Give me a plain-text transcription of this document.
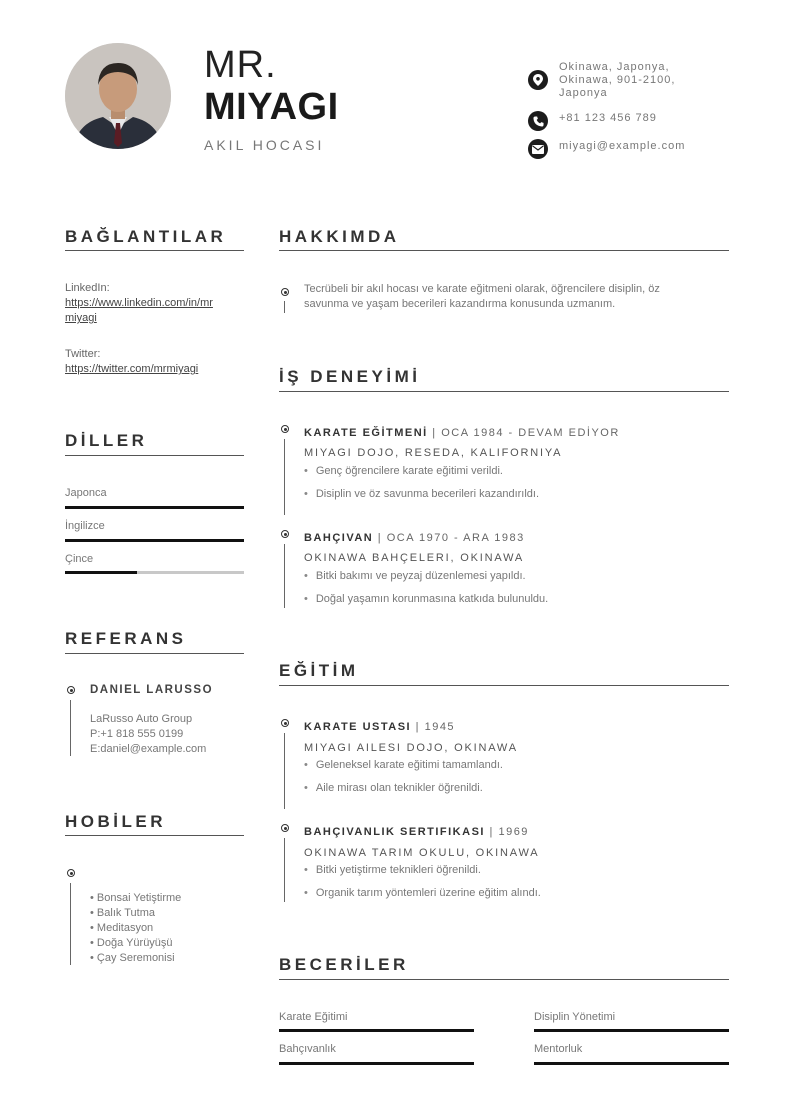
MR.
MIYAGI
AKIL HOCASI
Okinawa, Japonya,
Okinawa, 901-2100,
Japonya
+81 123 456 789
miyagi@example.com
BAĞLANTILAR
LinkedIn:
https://www.linkedin.com/in/mr
miyagi
Twitter:
https://twitter.com/mrmiyagi
DİLLER
Japonca
İngilizce
Çince
REFERANS
DANIEL LARUSSO
LaRusso Auto Group
P:+1 818 555 0199
E:daniel@example.com
HOBİLER
• Bonsai Yetiştirme
• Balık Tutma
• Meditasyon
• Doğa Yürüyüşü
• Çay Seremonisi
HAKKIMDA
Tecrübeli bir akıl hocası ve karate eğitmeni olarak, öğrencilere disiplin, öz
savunma ve yaşam becerileri kazandırma konusunda uzmanım.
İŞ DENEYİMİ
KARATE EĞİTMENİ | OCA 1984 - DEVAM EDİYOR
MIYAGI DOJO, RESEDA, KALIFORNIYA
• Genç öğrencilere karate eğitimi verildi.
• Disiplin ve öz savunma becerileri kazandırıldı.
BAHÇIVAN | OCA 1970 - ARA 1983
OKINAWA BAHÇELERI, OKINAWA
• Bitki bakımı ve peyzaj düzenlemesi yapıldı.
• Doğal yaşamın korunmasına katkıda bulunuldu.
EĞİTİM
KARATE USTASI | 1945
MIYAGI AILESI DOJO, OKINAWA
• Geleneksel karate eğitimi tamamlandı.
• Aile mirası olan teknikler öğrenildi.
BAHÇIVANLIK SERTIFIKASI | 1969
OKINAWA TARIM OKULU, OKINAWA
• Bitki yetiştirme teknikleri öğrenildi.
• Organik tarım yöntemleri üzerine eğitim alındı.
BECERİLER
Karate Eğitimi	Disiplin Yönetimi
Bahçıvanlık	Mentorluk
